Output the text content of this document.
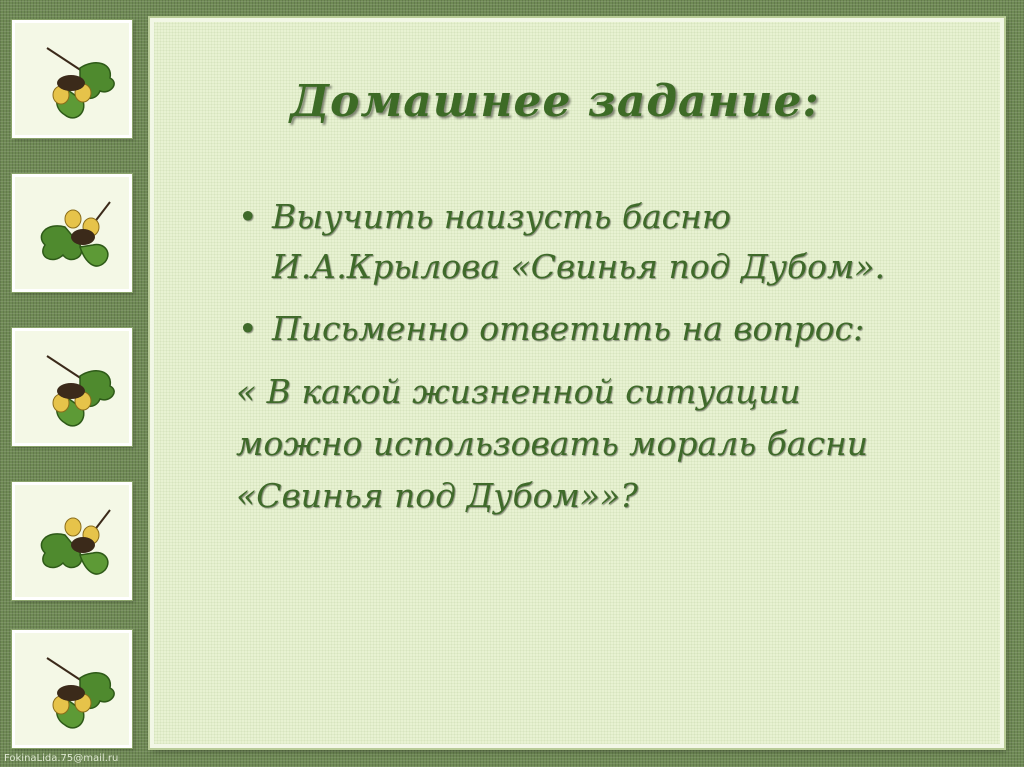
Домашнее задание:

• Выучить наизусть басню И.А.Крылова «Свинья под Дубом».

• Письменно ответить на вопрос:

« В какой жизненной ситуации можно использовать мораль басни «Свинья под Дубом»»?

FokinaLida.75@mail.ru
